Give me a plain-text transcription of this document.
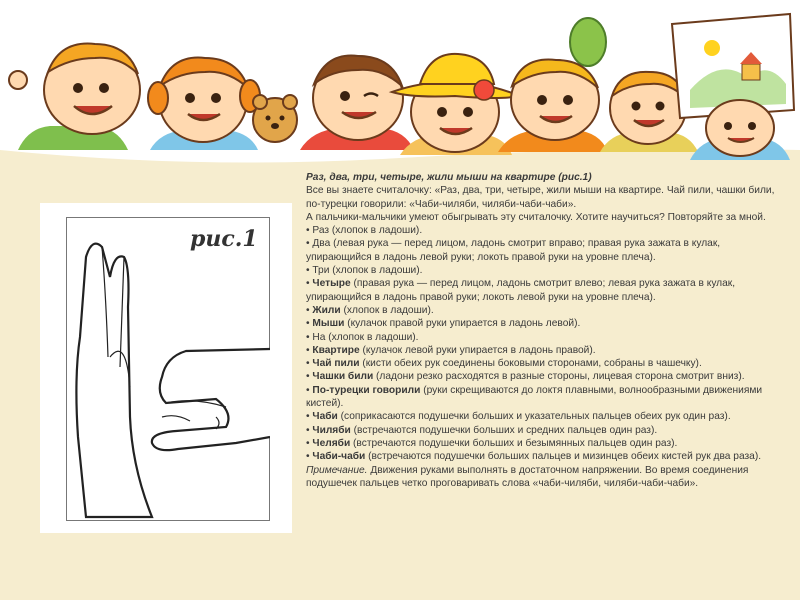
рис.1

Раз, два, три, четыре, жили мыши на квартире (рис.1)

Все вы знаете считалочку: «Раз, два, три, четыре, жили мыши на квартире. Чай пили, чашки били, по-турецки говорили: «Чаби-чиляби, чиляби-чаби-чаби».

А пальчики-мальчики умеют обыгрывать эту считалочку. Хотите научиться? Повторяйте за мной.

• Раз (хлопок в ладоши).

• Два (левая рука — перед лицом, ладонь смотрит вправо; правая рука зажата в кулак, упирающийся в ладонь левой руки; локоть правой руки на уровне плеча).

• Три (хлопок в ладоши).

• Четыре (правая рука — перед лицом, ладонь смотрит влево; левая рука зажата в кулак, упирающийся в ладонь правой руки; локоть левой руки на уровне плеча).

• Жили (хлопок в ладоши).

• Мыши (кулачок правой руки упирается в ладонь левой).

• На (хлопок в ладоши).

• Квартире (кулачок левой руки упирается в ладонь правой).

• Чай пили (кисти обеих рук соединены боковыми сторонами, собраны в чашечку).

• Чашки били (ладони резко расходятся в разные стороны, лицевая сторона смотрит вниз).

• По-турецки говорили (руки скрещиваются до локтя плавными, волнообразными движениями кистей).

• Чаби (соприкасаются подушечки больших и указательных пальцев обеих рук один раз).

• Чиляби (встречаются подушечки больших и средних пальцев один раз).

• Челяби (встречаются подушечки больших и безымянных пальцев один раз).

• Чаби-чаби (встречаются подушечки больших пальцев и мизинцев обеих кистей рук два раза).

Примечание. Движения руками выполнять в достаточном напряжении. Во время соединения подушечек пальцев четко проговаривать слова «чаби-чиляби, чиляби-чаби-чаби».
